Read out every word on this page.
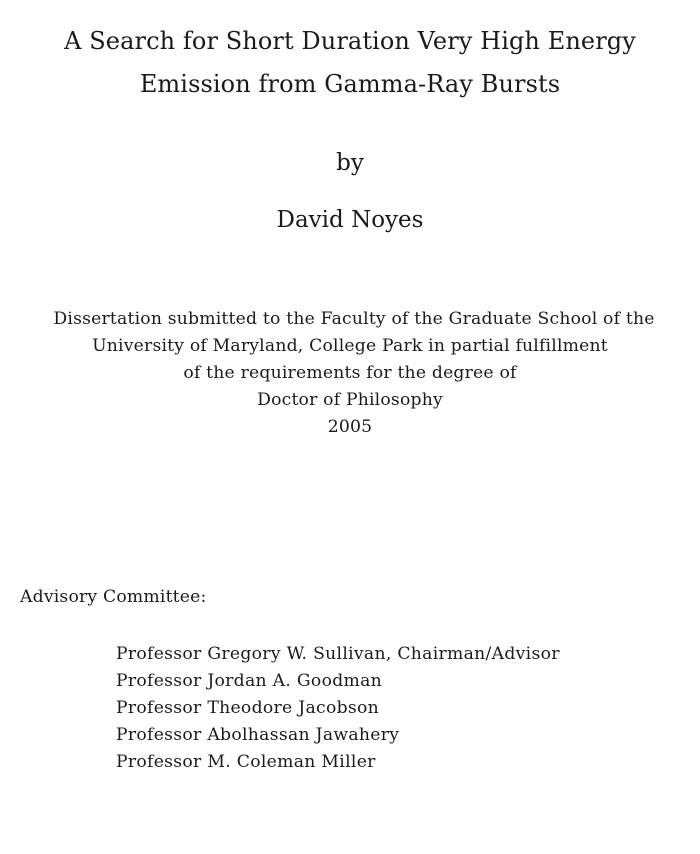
A Search for Short Duration Very High Energy
Emission from Gamma-Ray Bursts
by
David Noyes
Dissertation submitted to the Faculty of the Graduate School of the
University of Maryland, College Park in partial fulfillment
of the requirements for the degree of
Doctor of Philosophy
2005
Advisory Committee:
Professor Gregory W. Sullivan, Chairman/Advisor
Professor Jordan A. Goodman
Professor Theodore Jacobson
Professor Abolhassan Jawahery
Professor M. Coleman Miller
